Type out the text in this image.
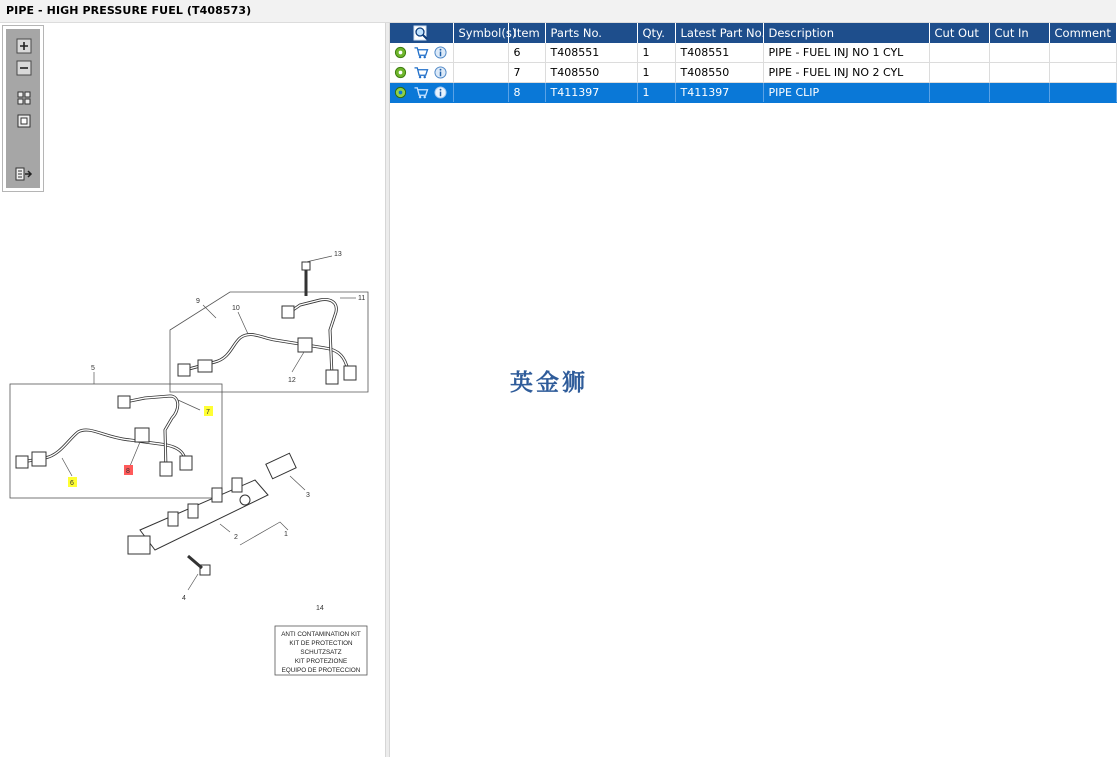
PIPE - HIGH PRESSURE FUEL (T408573)
13
9
10
11
12
5
7
6
8
2
3
1
4
14
ANTI CONTAMINATION KIT
KIT DE PROTECTION
SCHUTZSATZ
KIT PROTEZIONE
EQUIPO DE PROTECCION
	Symbol(s)	Item	Parts No.	Qty.	Latest Part No.	Description	Cut Out	Cut In	Comment
		6	T408551	1	T408551	PIPE - FUEL INJ NO 1 CYL			
		7	T408550	1	T408550	PIPE - FUEL INJ NO 2 CYL			
		8	T411397	1	T411397	PIPE CLIP			
英金狮
